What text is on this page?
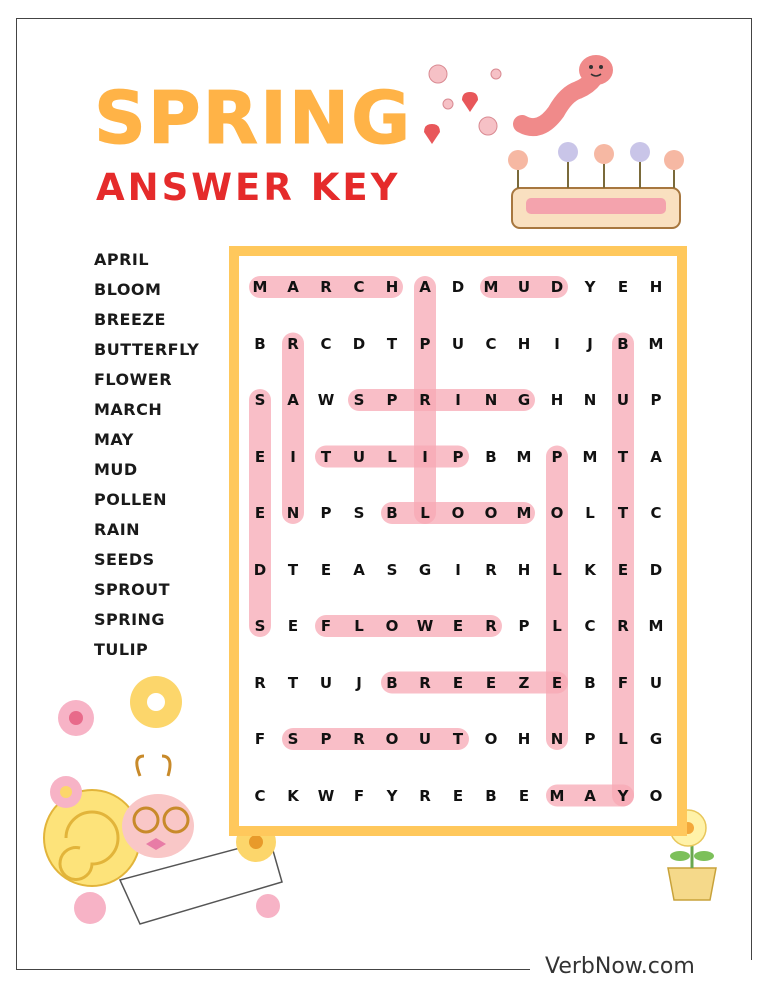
SPRING
ANSWER KEY
APRIL
BLOOM
BREEZE
BUTTERFLY
FLOWER
MARCH
MAY
MUD
POLLEN
RAIN
SEEDS
SPROUT
SPRING
TULIP
M	A	R	C	H	A	D	M	U	D	Y	E	H
B	R	C	D	T	P	U	C	H	I	J	B	M
S	A	W	S	P	R	I	N	G	H	N	U	P
E	I	T	U	L	I	P	B	M	P	M	T	A
E	N	P	S	B	L	O	O	M	O	L	T	C
D	T	E	A	S	G	I	R	H	L	K	E	D
S	E	F	L	O	W	E	R	P	L	C	R	M
R	T	U	J	B	R	E	E	Z	E	B	F	U
F	S	P	R	O	U	T	O	H	N	P	L	G
C	K	W	F	Y	R	E	B	E	M	A	Y	O
VerbNow.com
